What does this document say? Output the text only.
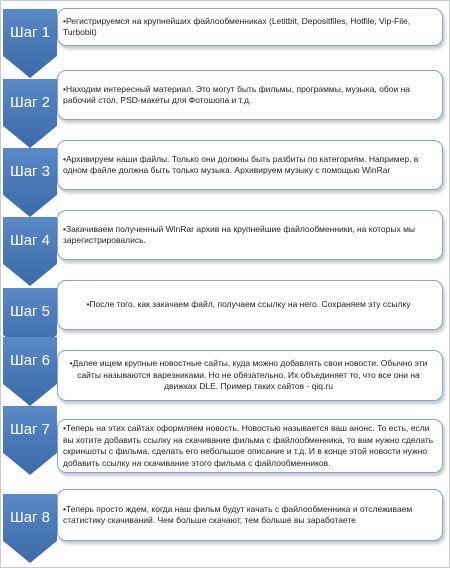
Шаг 1

•Регистрируемся на крупнейших файлообменниках (Letitbit, Depositfiles, Hotfile, Vip-File, Turbobit)

Шаг 2

•Находим интересный материал. Это могут быть фильмы, программы, музыка, обои на рабочий стол, PSD-макеты для Фотошопа и т.д.

Шаг 3

•Архивируем наши файлы. Только они должны быть разбиты по категориям. Например, в одном файле должна быть только музыка. Архивируем музыку с помощью WinRar

Шаг 4

•Закачиваем полученный WinRar архив на крупнейшие файлообменники, на которых мы зарегистрировались.

Шаг 5	•После того, как закачаем файл, получаем ссылку на него. Сохраняем эту ссылку

Шаг 6	•Далее ищем крупные новостные сайты, куда можно добавлять свои новости. Обычно эти сайты называются варезниками. Но не обязательно. Их объединяет то, что все они на движках DLE. Пример таких сайтов - qiq.ru

Шаг 7	•Теперь на этих сайтах оформляем новость. Новостью называется ваш анонс. То есть, если вы хотите добавить ссылку на скачивание фильма с файлообменника, то вам нужно сделать скриншоты с фильма, сделать его небольшое описание и т.д. И в конце этой новости нужно добавить ссылку на скачивание этого фильма с файлообменников.

Шаг 8

•Теперь просто ждем, когда наш фильм будут качать с файлообменника и отслеживаем статистику скачиваний. Чем больше скачают, тем больше вы заработаете
